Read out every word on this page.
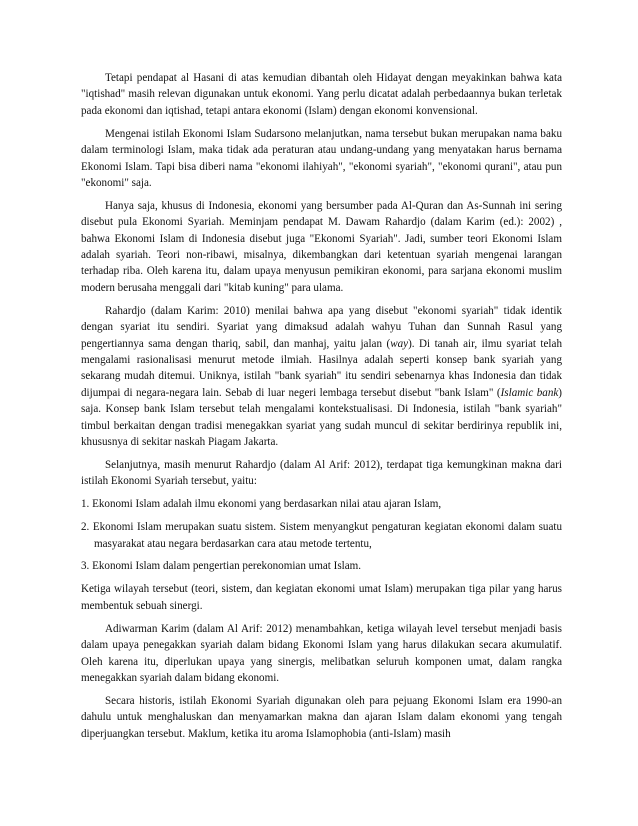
Tetapi pendapat al Hasani di atas kemudian dibantah oleh Hidayat dengan meyakinkan bahwa kata "iqtishad" masih relevan digunakan untuk ekonomi. Yang perlu dicatat adalah perbedaannya bukan terletak pada ekonomi dan iqtishad, tetapi antara ekonomi (Islam) dengan ekonomi konvensional.

Mengenai istilah Ekonomi Islam Sudarsono melanjutkan, nama tersebut bukan merupakan nama baku dalam terminologi Islam, maka tidak ada peraturan atau undang-undang yang menyatakan harus bernama Ekonomi Islam. Tapi bisa diberi nama "ekonomi ilahiyah", "ekonomi syariah", "ekonomi qurani", atau pun "ekonomi" saja.

Hanya saja, khusus di Indonesia, ekonomi yang bersumber pada Al-Quran dan As-Sunnah ini sering disebut pula Ekonomi Syariah. Meminjam pendapat M. Dawam Rahardjo (dalam Karim (ed.): 2002) , bahwa Ekonomi Islam di Indonesia disebut juga "Ekonomi Syariah". Jadi, sumber teori Ekonomi Islam adalah syariah. Teori non-ribawi, misalnya, dikembangkan dari ketentuan syariah mengenai larangan terhadap riba. Oleh karena itu, dalam upaya menyusun pemikiran ekonomi, para sarjana ekonomi muslim modern berusaha menggali dari "kitab kuning" para ulama.

Rahardjo (dalam Karim: 2010) menilai bahwa apa yang disebut "ekonomi syariah" tidak identik dengan syariat itu sendiri. Syariat yang dimaksud adalah wahyu Tuhan dan Sunnah Rasul yang pengertiannya sama dengan thariq, sabil, dan manhaj, yaitu jalan (way). Di tanah air, ilmu syariat telah mengalami rasionalisasi menurut metode ilmiah. Hasilnya adalah seperti konsep bank syariah yang sekarang mudah ditemui. Uniknya, istilah "bank syariah" itu sendiri sebenarnya khas Indonesia dan tidak dijumpai di negara-negara lain. Sebab di luar negeri lembaga tersebut disebut "bank Islam" (Islamic bank) saja. Konsep bank Islam tersebut telah mengalami kontekstualisasi. Di Indonesia, istilah "bank syariah" timbul berkaitan dengan tradisi menegakkan syariat yang sudah muncul di sekitar berdirinya republik ini, khususnya di sekitar naskah Piagam Jakarta.

Selanjutnya, masih menurut Rahardjo (dalam Al Arif: 2012), terdapat tiga kemungkinan makna dari istilah Ekonomi Syariah tersebut, yaitu:

1. Ekonomi Islam adalah ilmu ekonomi yang berdasarkan nilai atau ajaran Islam,

2. Ekonomi Islam merupakan suatu sistem. Sistem menyangkut pengaturan kegiatan ekonomi dalam suatu masyarakat atau negara berdasarkan cara atau metode tertentu,

3. Ekonomi Islam dalam pengertian perekonomian umat Islam.

Ketiga wilayah tersebut (teori, sistem, dan kegiatan ekonomi umat Islam) merupakan tiga pilar yang harus membentuk sebuah sinergi.

Adiwarman Karim (dalam Al Arif: 2012) menambahkan, ketiga wilayah level tersebut menjadi basis dalam upaya penegakkan syariah dalam bidang Ekonomi Islam yang harus dilakukan secara akumulatif. Oleh karena itu, diperlukan upaya yang sinergis, melibatkan seluruh komponen umat, dalam rangka menegakkan syariah dalam bidang ekonomi.

Secara historis, istilah Ekonomi Syariah digunakan oleh para pejuang Ekonomi Islam era 1990-an dahulu untuk menghaluskan dan menyamarkan makna dan ajaran Islam dalam ekonomi yang tengah diperjuangkan tersebut. Maklum, ketika itu aroma Islamophobia (anti-Islam) masih
